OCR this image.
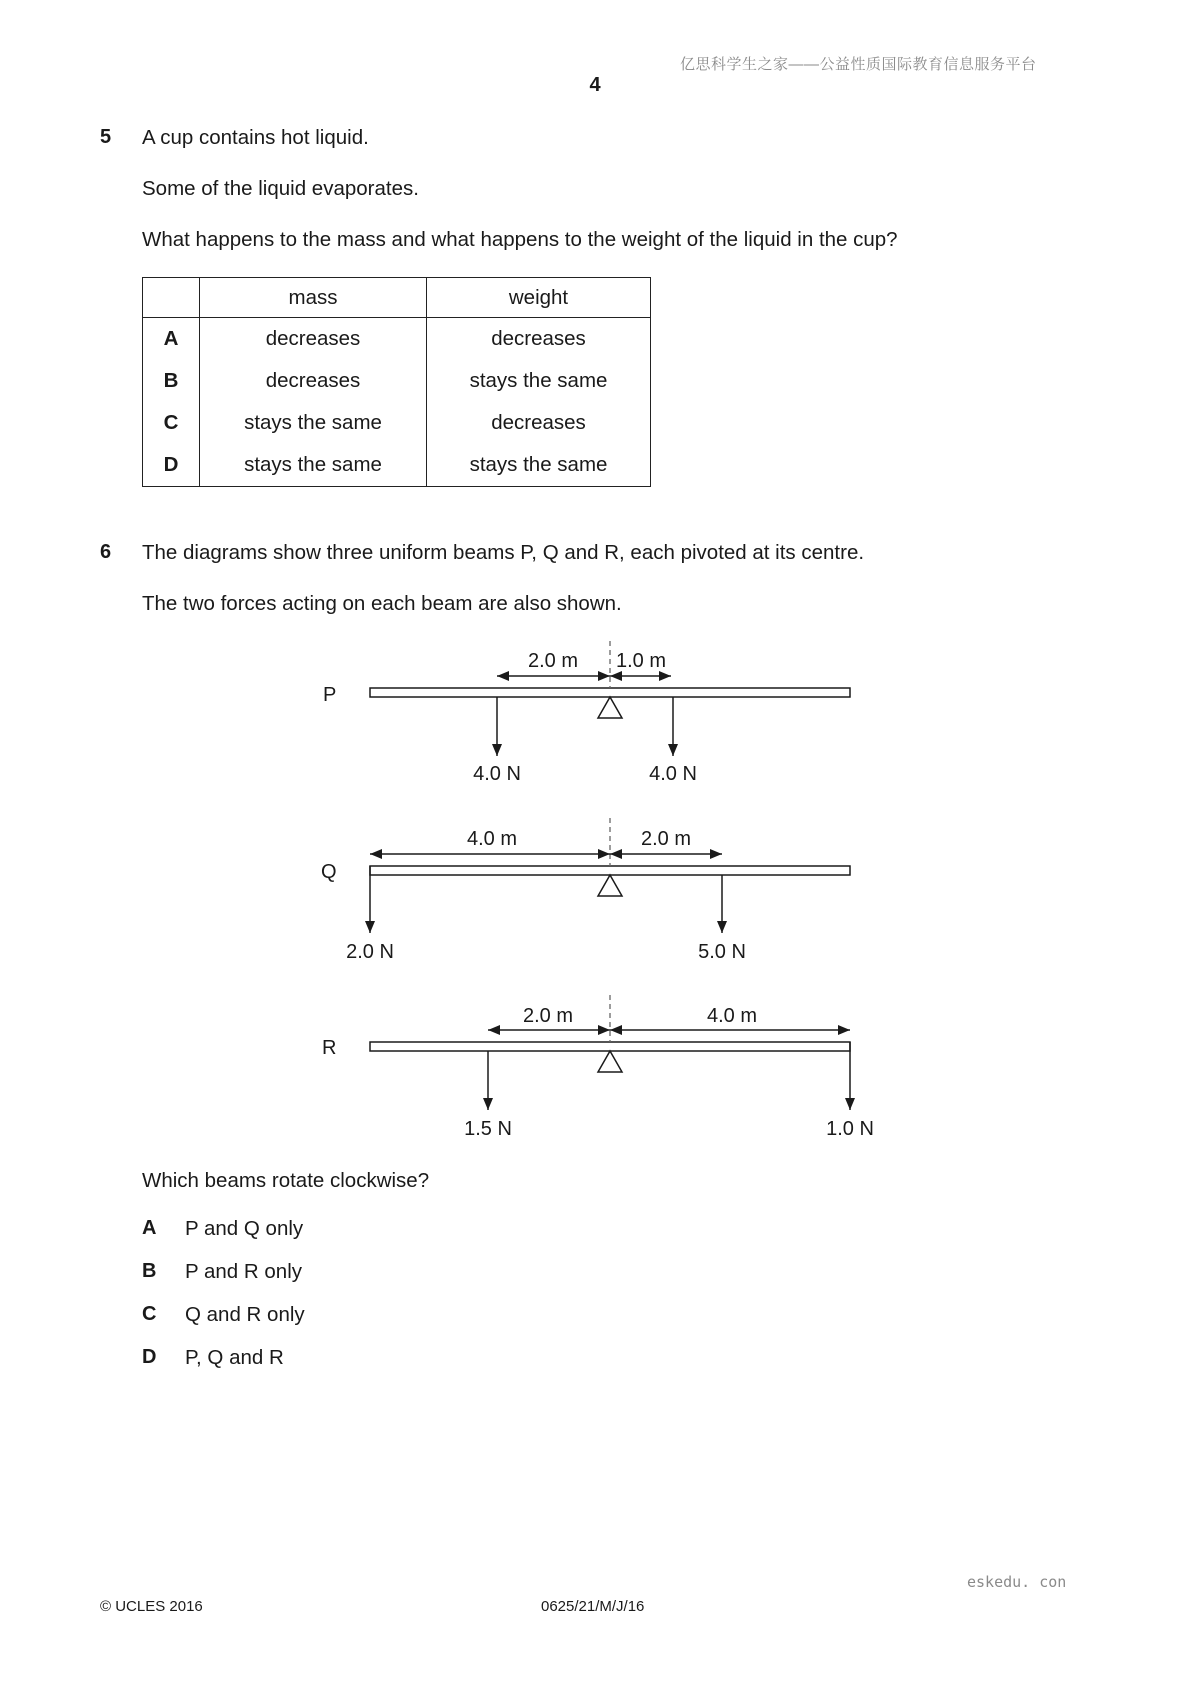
亿思科学生之家——公益性质国际教育信息服务平台
4
5 A cup contains hot liquid.
Some of the liquid evaporates.
What happens to the mass and what happens to the weight of the liquid in the cup?
	mass	weight
A	decreases	decreases
B	decreases	stays the same
C	stays the same	decreases
D	stays the same	stays the same
6 The diagrams show three uniform beams P, Q and R, each pivoted at its centre.
The two forces acting on each beam are also shown.
P
2.0 m 1.0 m
4.0 N	4.0 N
Q
4.0 m	2.0 m
2.0 N	5.0 N
R
2.0 m	4.0 m
1.5 N	1.0 N
Which beams rotate clockwise?
A P and Q only
B P and R only
C Q and R only
D P, Q and R
eskedu. con
© UCLES 2016	0625/21/M/J/16
